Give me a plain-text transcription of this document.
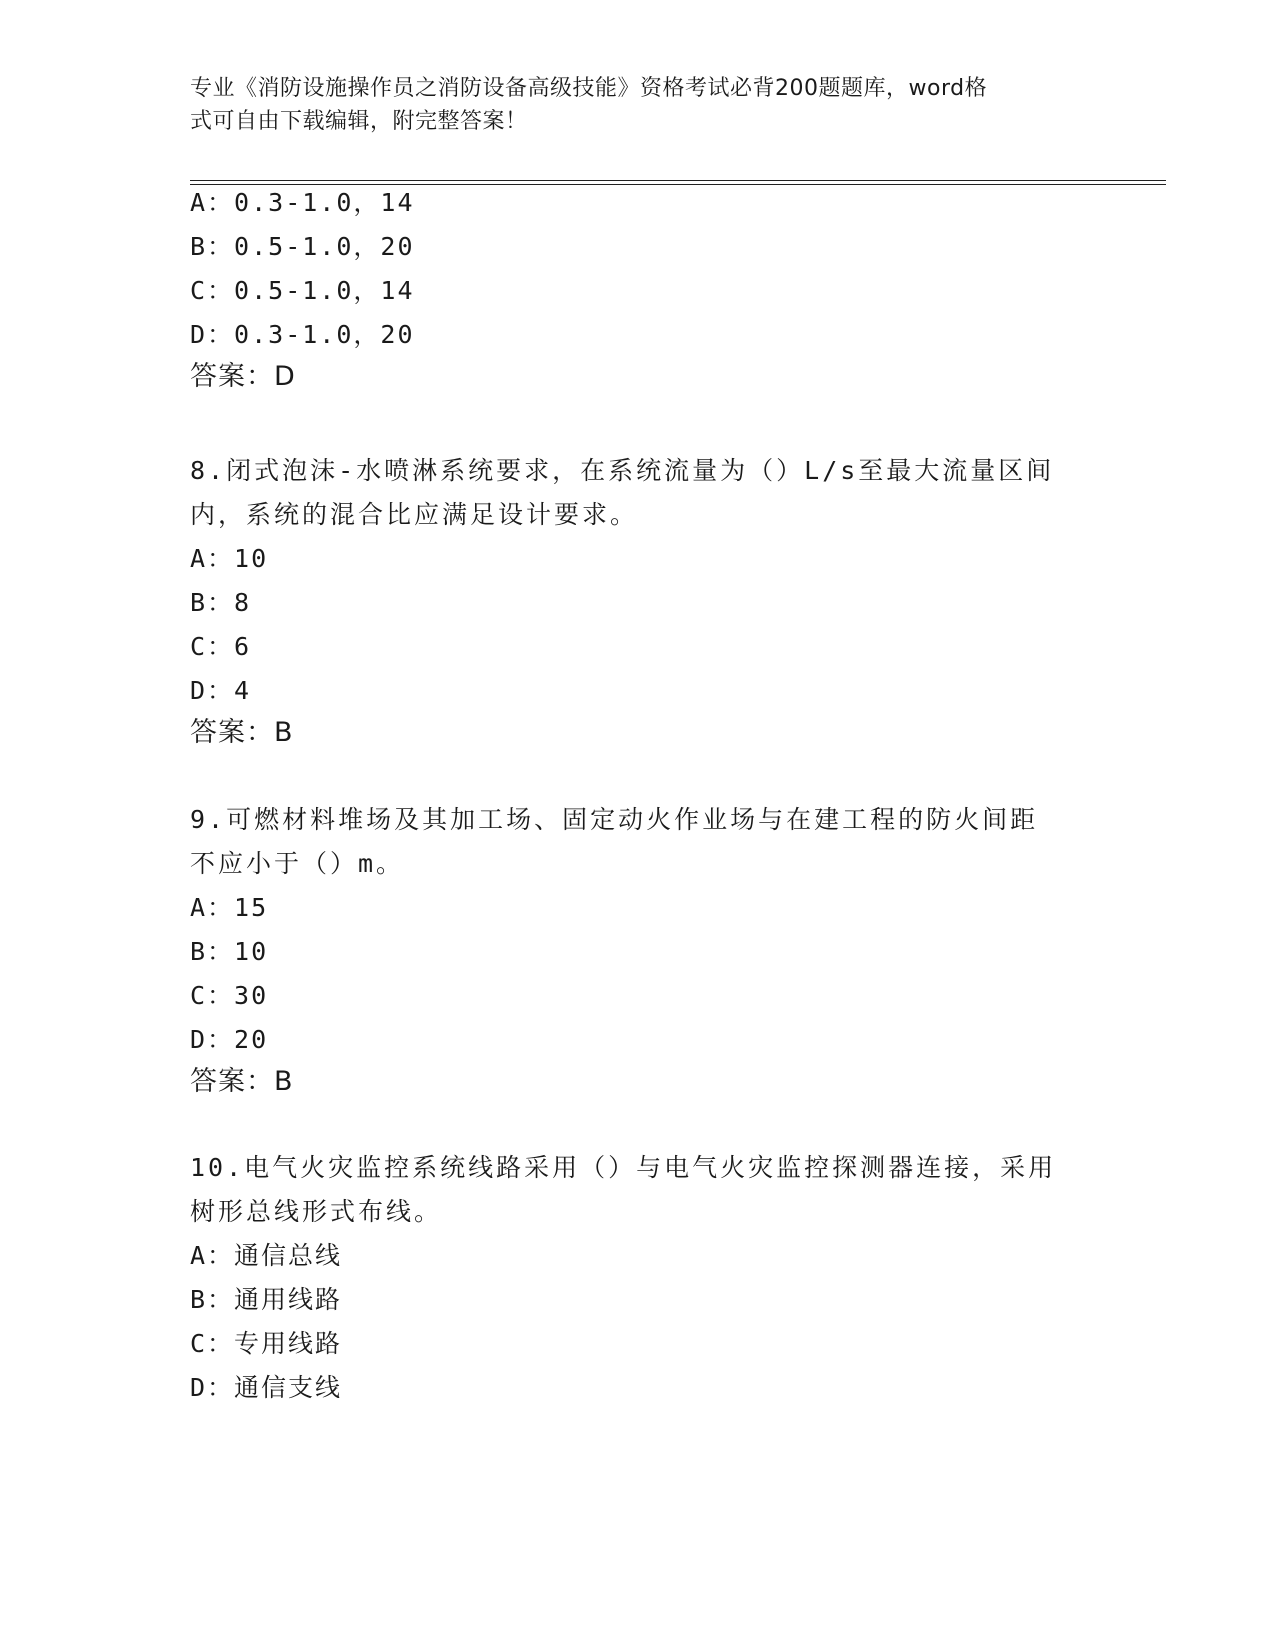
专业《消防设施操作员之消防设备高级技能》资格考试必背200题题库，word格
式可自由下载编辑，附完整答案！
A：0.3-1.0，14
B：0.5-1.0，20
C：0.5-1.0，14
D：0.3-1.0，20
答案：D
8.闭式泡沫-水喷淋系统要求，在系统流量为（）L/s至最大流量区间
内，系统的混合比应满足设计要求。
A：10
B：8
C：6
D：4
答案：B
9.可燃材料堆场及其加工场、固定动火作业场与在建工程的防火间距
不应小于（）m。
A：15
B：10
C：30
D：20
答案：B
10.电气火灾监控系统线路采用（）与电气火灾监控探测器连接，采用
树形总线形式布线。
A：通信总线
B：通用线路
C：专用线路
D：通信支线
